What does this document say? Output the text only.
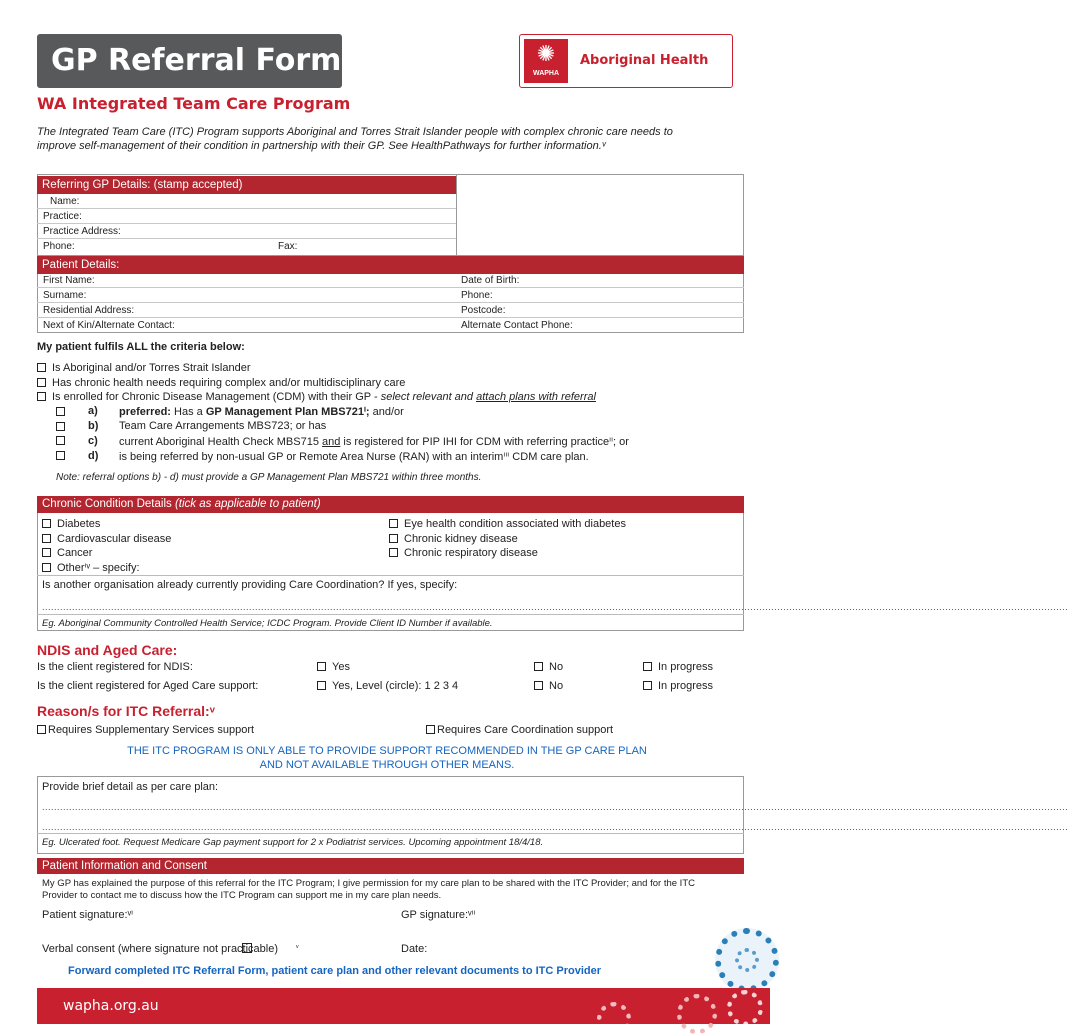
GP Referral Form	✺
WAPHA
Aboriginal Health
WA Integrated Team Care Program
The Integrated Team Care (ITC) Program supports Aboriginal and Torres Strait Islander people with complex chronic care needs to improve self-management of their condition in partnership with their GP. See HealthPathways for further information.ᵛ
Referring GP Details: (stamp accepted)
Name:
Practice:
Practice Address:
Phone:	Fax:
Patient Details:
First Name:	Date of Birth:
Surname:	Phone:
Residential Address:	Postcode:
Next of Kin/Alternate Contact:	Alternate Contact Phone:
My patient fulfils ALL the criteria below:
Is Aboriginal and/or Torres Strait Islander
Has chronic health needs requiring complex and/or multidisciplinary care
Is enrolled for Chronic Disease Management (CDM) with their GP - select relevant and attach plans with referral
a) preferred: Has a GP Management Plan MBS721ⁱ; and/or
b) Team Care Arrangements MBS723; or has
c) current Aboriginal Health Check MBS715 and is registered for PIP IHI for CDM with referring practiceⁱⁱ; or
d) is being referred by non-usual GP or Remote Area Nurse (RAN) with an interimⁱⁱⁱ CDM care plan.
Note: referral options b) - d) must provide a GP Management Plan MBS721 within three months.
Chronic Condition Details (tick as applicable to patient)
Diabetes
Cardiovascular disease
Cancer
Otherⁱᵛ – specify:
Eye health condition associated with diabetes
Chronic kidney disease
Chronic respiratory disease
Is another organisation already currently providing Care Coordination? If yes, specify:
......................................................................................................................................................................................................................................................................................................................................................
Eg. Aboriginal Community Controlled Health Service; ICDC Program. Provide Client ID Number if available.
NDIS and Aged Care:
Is the client registered for NDIS:	Yes	No	In progress
Is the client registered for Aged Care support:	Yes, Level (circle): 1 2 3 4	No	In progress
Reason/s for ITC Referral:ᵛ
Requires Supplementary Services support	Requires Care Coordination support
THE ITC PROGRAM IS ONLY ABLE TO PROVIDE SUPPORT RECOMMENDED IN THE GP CARE PLAN
AND NOT AVAILABLE THROUGH OTHER MEANS.
Provide brief detail as per care plan:
......................................................................................................................................................................................................................................................................................................................................................
......................................................................................................................................................................................................................................................................................................................................................
Eg. Ulcerated foot. Request Medicare Gap payment support for 2 x Podiatrist services. Upcoming appointment 18/4/18.
Patient Information and Consent
My GP has explained the purpose of this referral for the ITC Program; I give permission for my care plan to be shared with the ITC Provider; and for the ITC Provider to contact me to discuss how the ITC Program can support me in my care plan needs.
Patient signature:ᵛⁱ	GP signature:ᵛⁱⁱ
Verbal consent (where signature not practicable) $^ᵛ$	Date:
Forward completed ITC Referral Form, patient care plan and other relevant documents to ITC Provider
wapha.org.au
